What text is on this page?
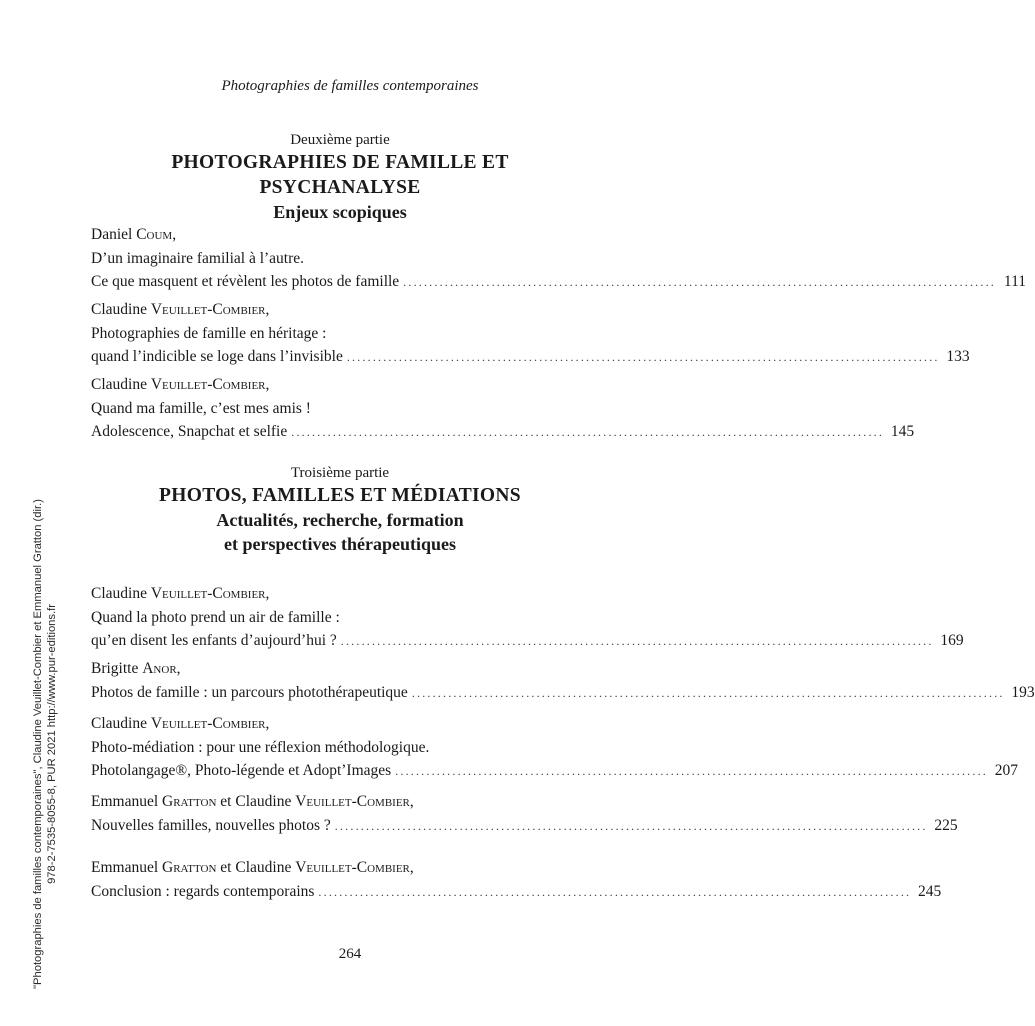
Photographies de familles contemporaines
Deuxième partie
PHOTOGRAPHIES DE FAMILLE ET PSYCHANALYSE
Enjeux scopiques
Daniel Coum,
D’un imaginaire familial à l’autre.
Ce que masquent et révèlent les photos de famille .................................................................................................................. 111
Claudine Veuillet-Combier,
Photographies de famille en héritage :
quand l’indicible se loge dans l’invisible .................................................................................................................. 133
Claudine Veuillet-Combier,
Quand ma famille, c’est mes amis !
Adolescence, Snapchat et selfie .................................................................................................................. 145
Troisième partie
PHOTOS, FAMILLES ET MÉDIATIONS
Actualités, recherche, formation
et perspectives thérapeutiques
Claudine Veuillet-Combier,
Quand la photo prend un air de famille :
qu’en disent les enfants d’aujourd’hui ? .................................................................................................................. 169
Brigitte Anor,
Photos de famille : un parcours photothérapeutique .................................................................................................................. 193
Claudine Veuillet-Combier,
Photo-médiation : pour une réflexion méthodologique.
Photolangage®, Photo-légende et Adopt’Images .................................................................................................................. 207
Emmanuel Gratton et Claudine Veuillet-Combier,
Nouvelles familles, nouvelles photos ? .................................................................................................................. 225
Emmanuel Gratton et Claudine Veuillet-Combier,
Conclusion : regards contemporains .................................................................................................................. 245
264
"Photographies de familles contemporaines", Claudine Veuillet-Combier et Emmanuel Gratton (dir.) 978-2-7535-8055-8, PUR 2021 http://www.pur-editions.fr
